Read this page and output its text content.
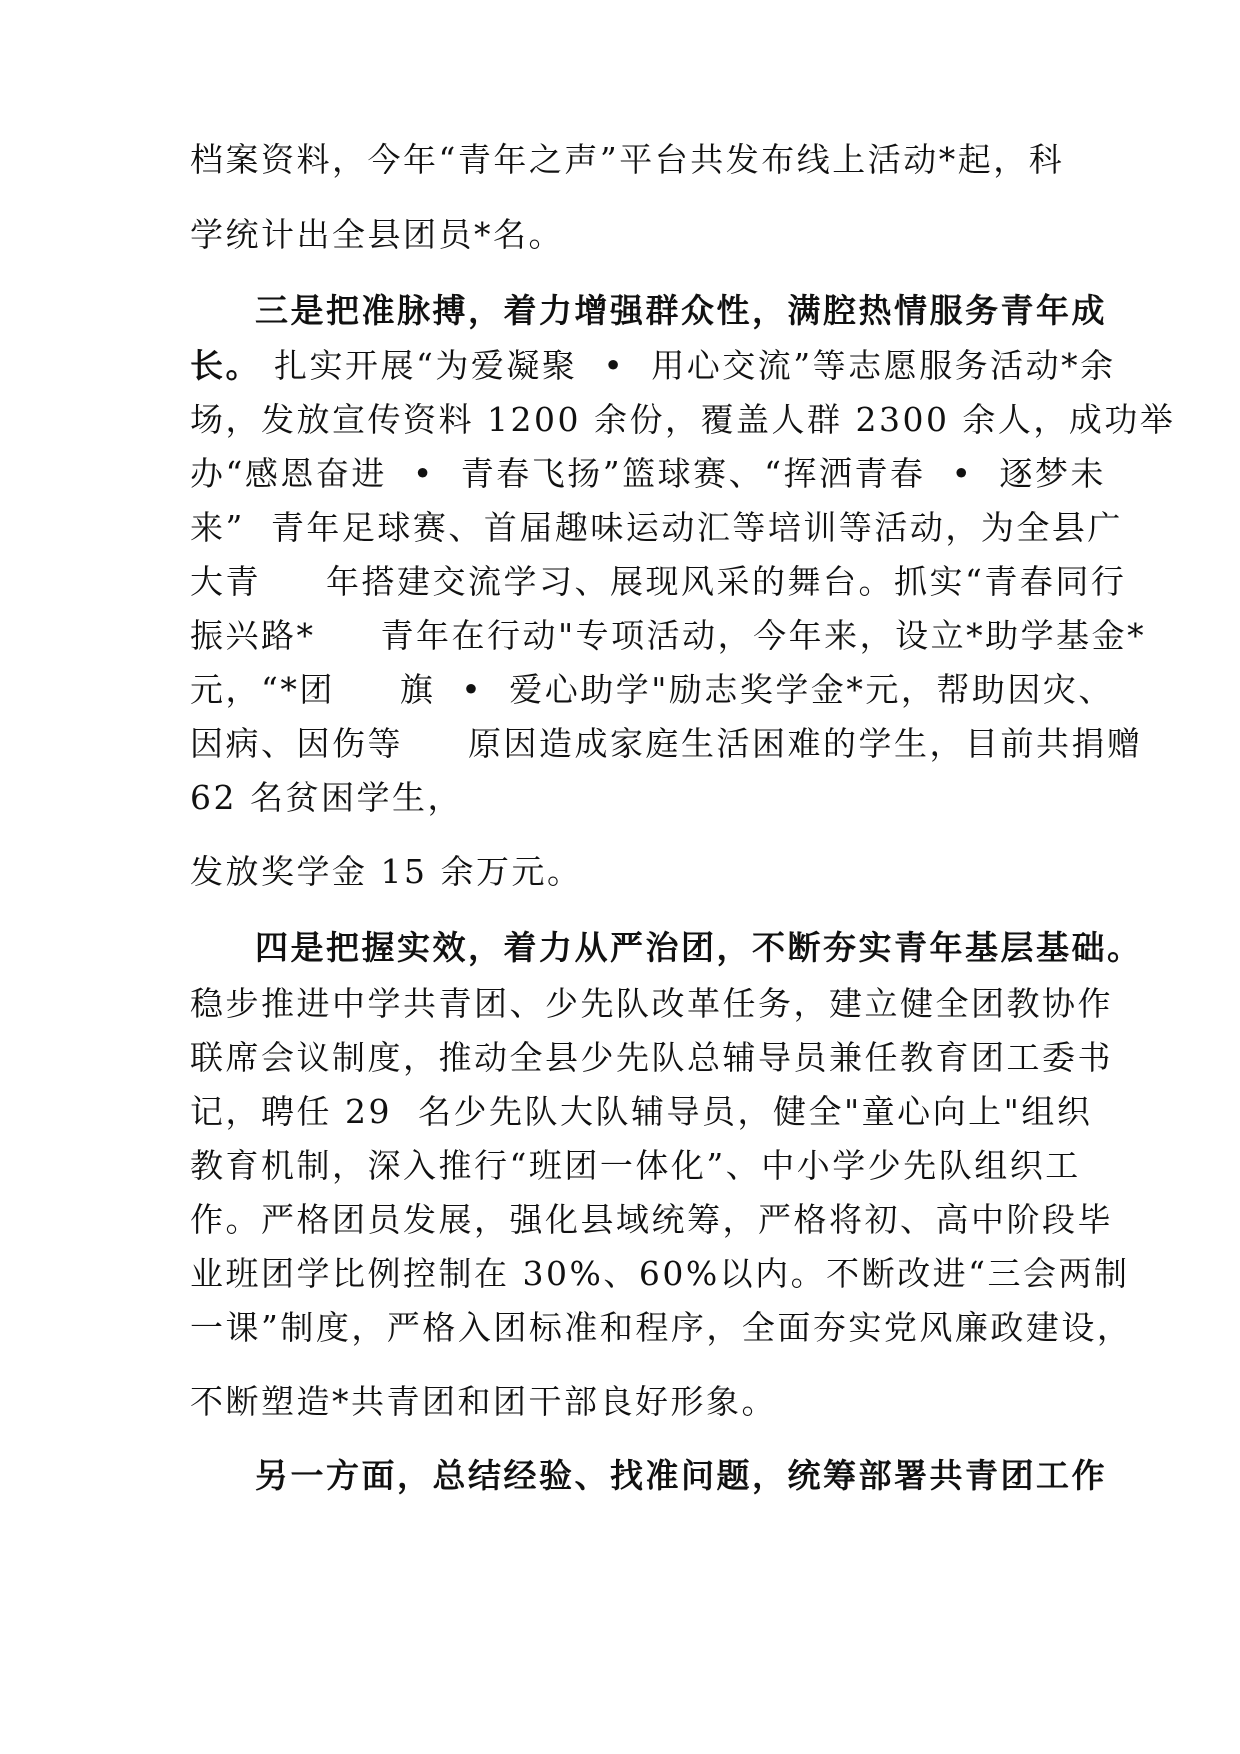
档案资料，今年“青年之声”平台共发布线上活动*起，科
学统计出全县团员*名。
三是把准脉搏，着力增强群众性，满腔热情服务青年成
长。 扎实开展“为爱凝聚  •  用心交流”等志愿服务活动*余
场，发放宣传资料 1200 余份，覆盖人群 2300 余人，成功举
办“感恩奋进  •  青春飞扬”篮球赛、“挥洒青春  •  逐梦未
来”  青年足球赛、首届趣味运动汇等培训等活动，为全县广
大青     年搭建交流学习、展现风采的舞台。抓实“青春同行
振兴路*     青年在行动"专项活动，今年来，设立*助学基金*
元，“*团     旗  •  爱心助学"励志奖学金*元，帮助因灾、
因病、因伤等     原因造成家庭生活困难的学生，目前共捐赠
62 名贫困学生，
发放奖学金 15 余万元。
四是把握实效，着力从严治团，不断夯实青年基层基础。
稳步推进中学共青团、少先队改革任务，建立健全团教协作
联席会议制度，推动全县少先队总辅导员兼任教育团工委书
记，聘任 29  名少先队大队辅导员，健全"童心向上"组织
教育机制，深入推行“班团一体化”、中小学少先队组织工
作。严格团员发展，强化县域统筹，严格将初、高中阶段毕
业班团学比例控制在 30%、60%以内。不断改进“三会两制
一课”制度，严格入团标准和程序，全面夯实党风廉政建设，
不断塑造*共青团和团干部良好形象。
另一方面，总结经验、找准问题，统筹部署共青团工作
